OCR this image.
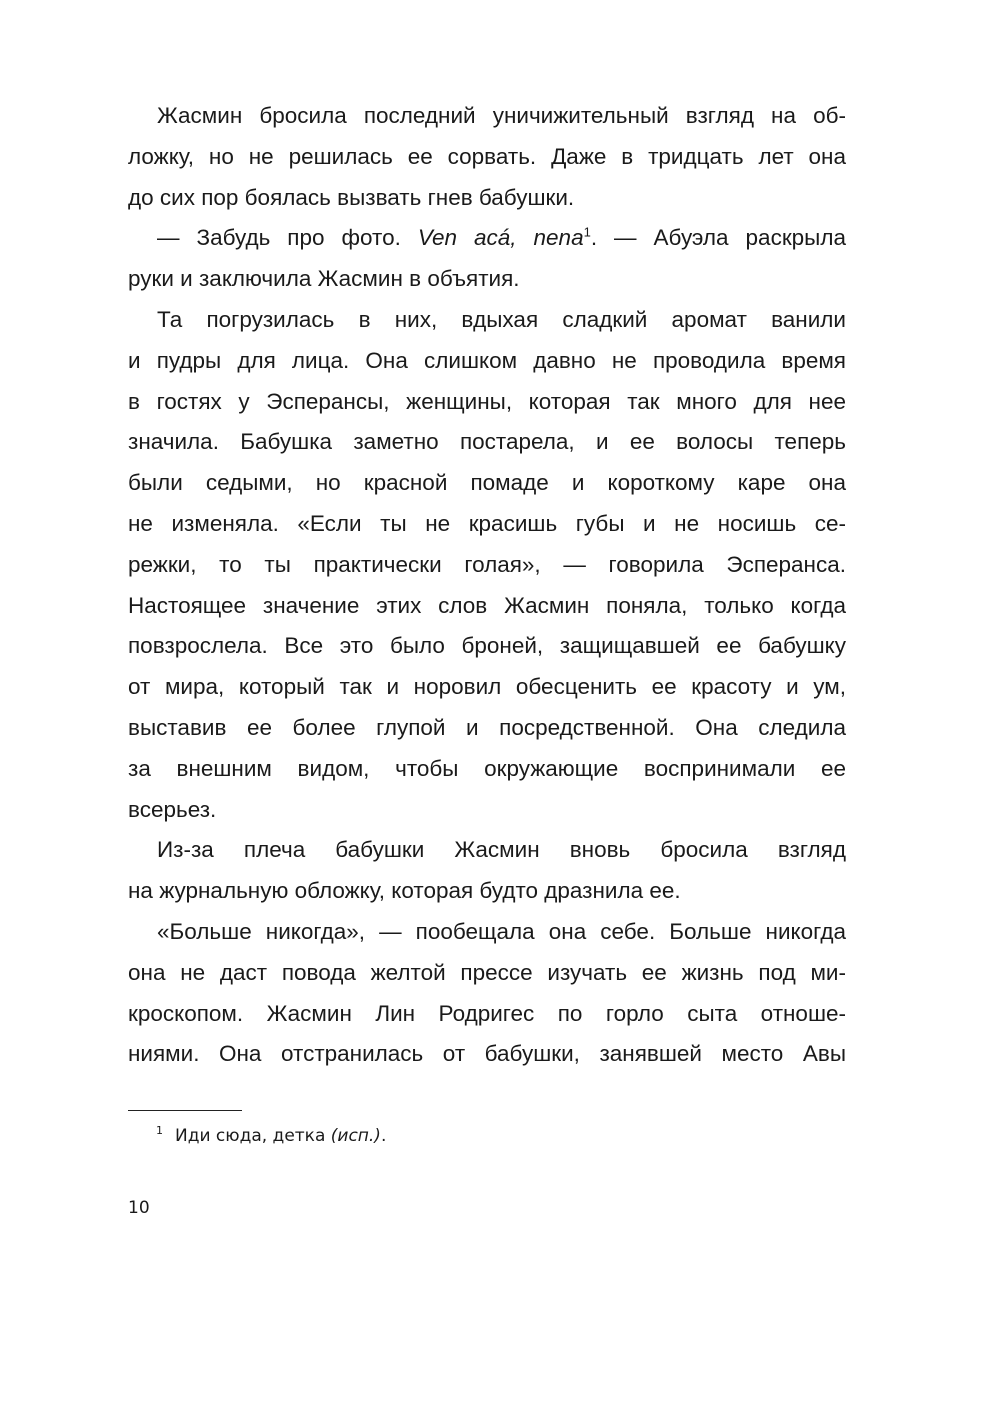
Жасмин бросила последний уничижительный взгляд на об-
ложку, но не решилась ее сорвать. Даже в тридцать лет она
до сих пор боялась вызвать гнев бабушки.
— Забудь про фото. Ven acá, nena$^1$. — Абуэла раскрыла
руки и заключила Жасмин в объятия.
Та погрузилась в них, вдыхая сладкий аромат ванили
и пудры для лица. Она слишком давно не проводила время
в гостях у Эсперансы, женщины, которая так много для нее
значила. Бабушка заметно постарела, и ее волосы теперь
были седыми, но красной помаде и короткому каре она
не изменяла. «Если ты не красишь губы и не носишь се-
режки, то ты практически голая», — говорила Эсперанса.
Настоящее значение этих слов Жасмин поняла, только когда
повзрослела. Все это было броней, защищавшей ее бабушку
от мира, который так и норовил обесценить ее красоту и ум,
выставив ее более глупой и посредственной. Она следила
за внешним видом, чтобы окружающие воспринимали ее
всерьез.
Из-за плеча бабушки Жасмин вновь бросила взгляд
на журнальную обложку, которая будто дразнила ее.
«Больше никогда», — пообещала она себе. Больше никогда
она не даст повода желтой прессе изучать ее жизнь под ми-
кроскопом. Жасмин Лин Родригес по горло сыта отноше-
ниями. Она отстранилась от бабушки, занявшей место Авы
$^1$ Иди сюда, детка (исп.).
10
